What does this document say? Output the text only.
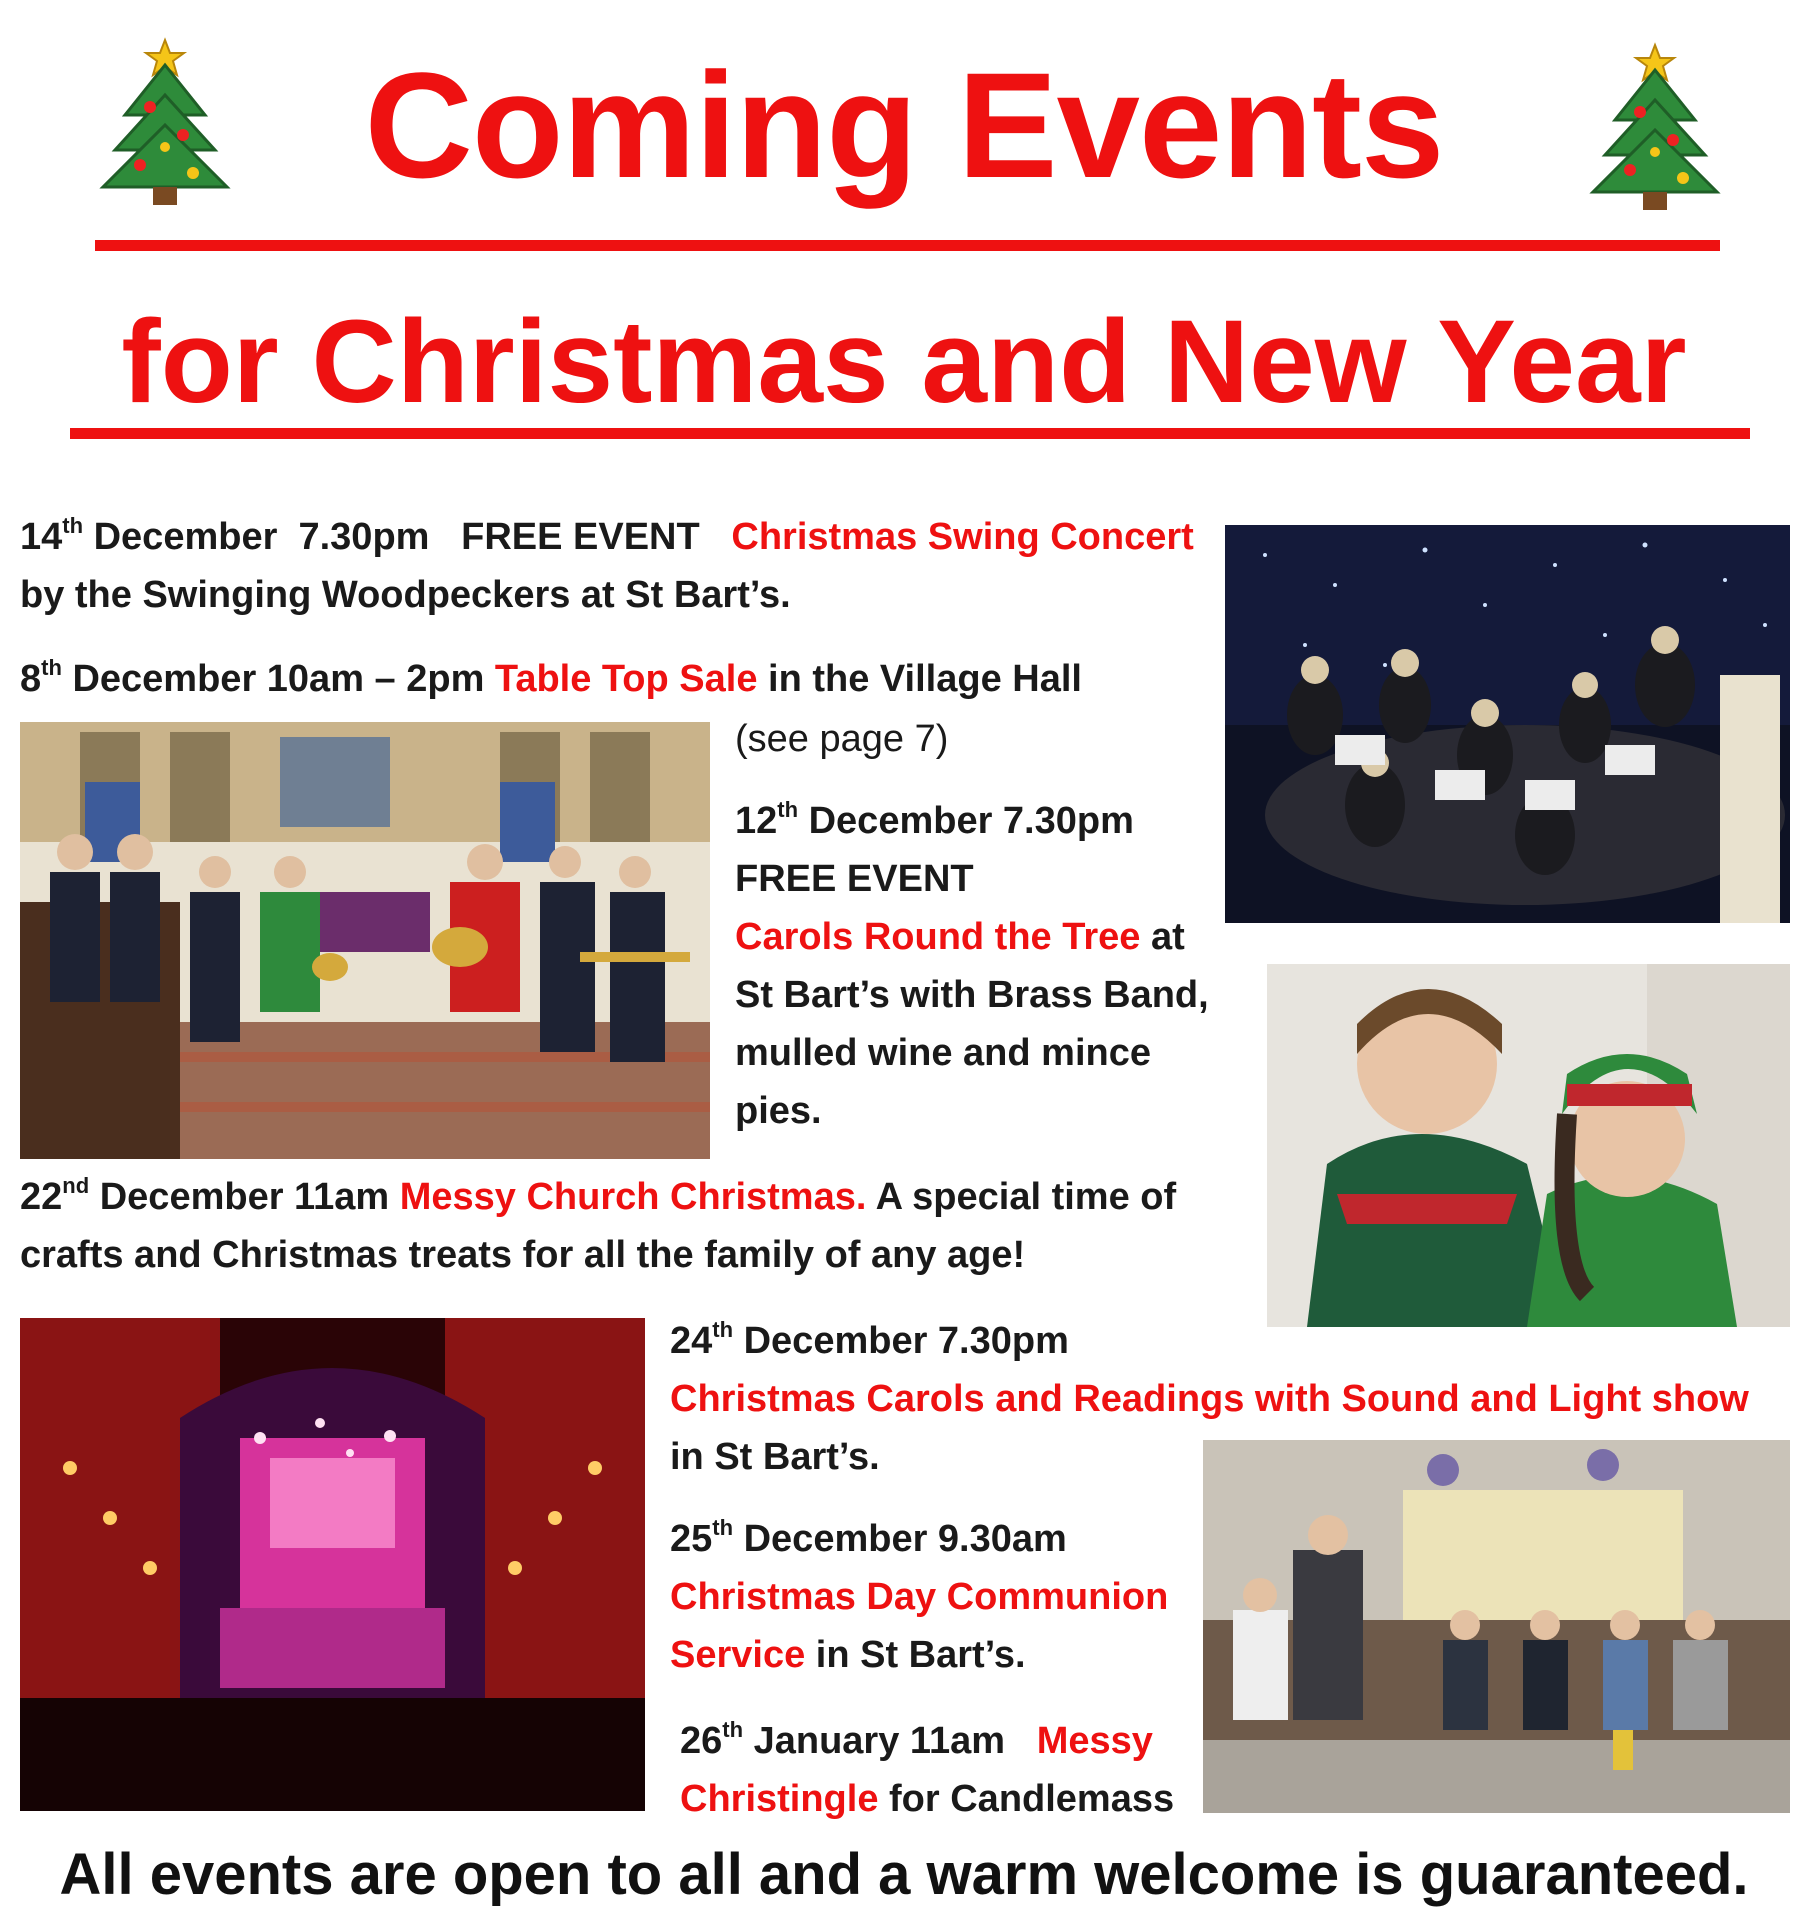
Coming Events
for Christmas and New Year
14th December  7.30pm   FREE EVENT   Christmas Swing Concert
by the Swinging Woodpeckers at St Bart’s.
8th December 10am – 2pm Table Top Sale in the Village Hall
(see page 7)
12th December 7.30pm
FREE EVENT
Carols Round the Tree at
St Bart’s with Brass Band,
mulled wine and mince
pies.
22nd December 11am Messy Church Christmas. A special time of
crafts and Christmas treats for all the family of any age!
24th December 7.30pm
Christmas Carols and Readings with Sound and Light show
in St Bart’s.
25th December 9.30am
Christmas Day Communion
Service in St Bart’s.
26th January 11am   Messy
Christingle for Candlemass
All events are open to all and a warm welcome is guaranteed.
